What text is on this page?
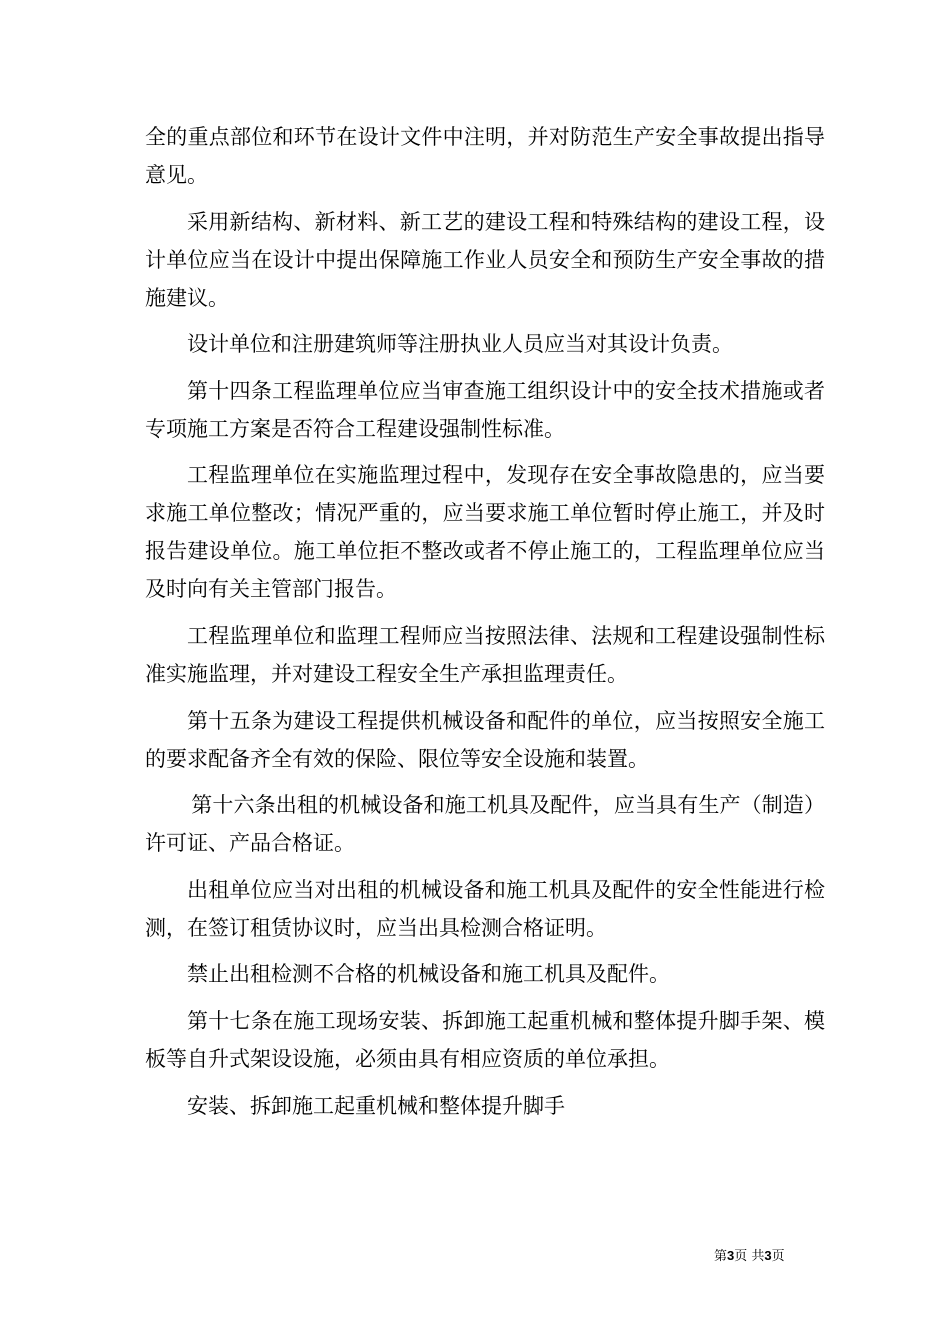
全的重点部位和环节在设计文件中注明，并对防范生产安全事故提出指导意见。

采用新结构、新材料、新工艺的建设工程和特殊结构的建设工程，设计单位应当在设计中提出保障施工作业人员安全和预防生产安全事故的措施建议。

设计单位和注册建筑师等注册执业人员应当对其设计负责。

第十四条工程监理单位应当审查施工组织设计中的安全技术措施或者专项施工方案是否符合工程建设强制性标准。

工程监理单位在实施监理过程中，发现存在安全事故隐患的，应当要求施工单位整改；情况严重的，应当要求施工单位暂时停止施工，并及时报告建设单位。施工单位拒不整改或者不停止施工的，工程监理单位应当及时向有关主管部门报告。

工程监理单位和监理工程师应当按照法律、法规和工程建设强制性标准实施监理，并对建设工程安全生产承担监理责任。

第十五条为建设工程提供机械设备和配件的单位，应当按照安全施工的要求配备齐全有效的保险、限位等安全设施和装置。

第十六条出租的机械设备和施工机具及配件，应当具有生产（制造）许可证、产品合格证。

出租单位应当对出租的机械设备和施工机具及配件的安全性能进行检测，在签订租赁协议时，应当出具检测合格证明。

禁止出租检测不合格的机械设备和施工机具及配件。

第十七条在施工现场安装、拆卸施工起重机械和整体提升脚手架、模板等自升式架设设施，必须由具有相应资质的单位承担。

安装、拆卸施工起重机械和整体提升脚手

第3页 共3页
